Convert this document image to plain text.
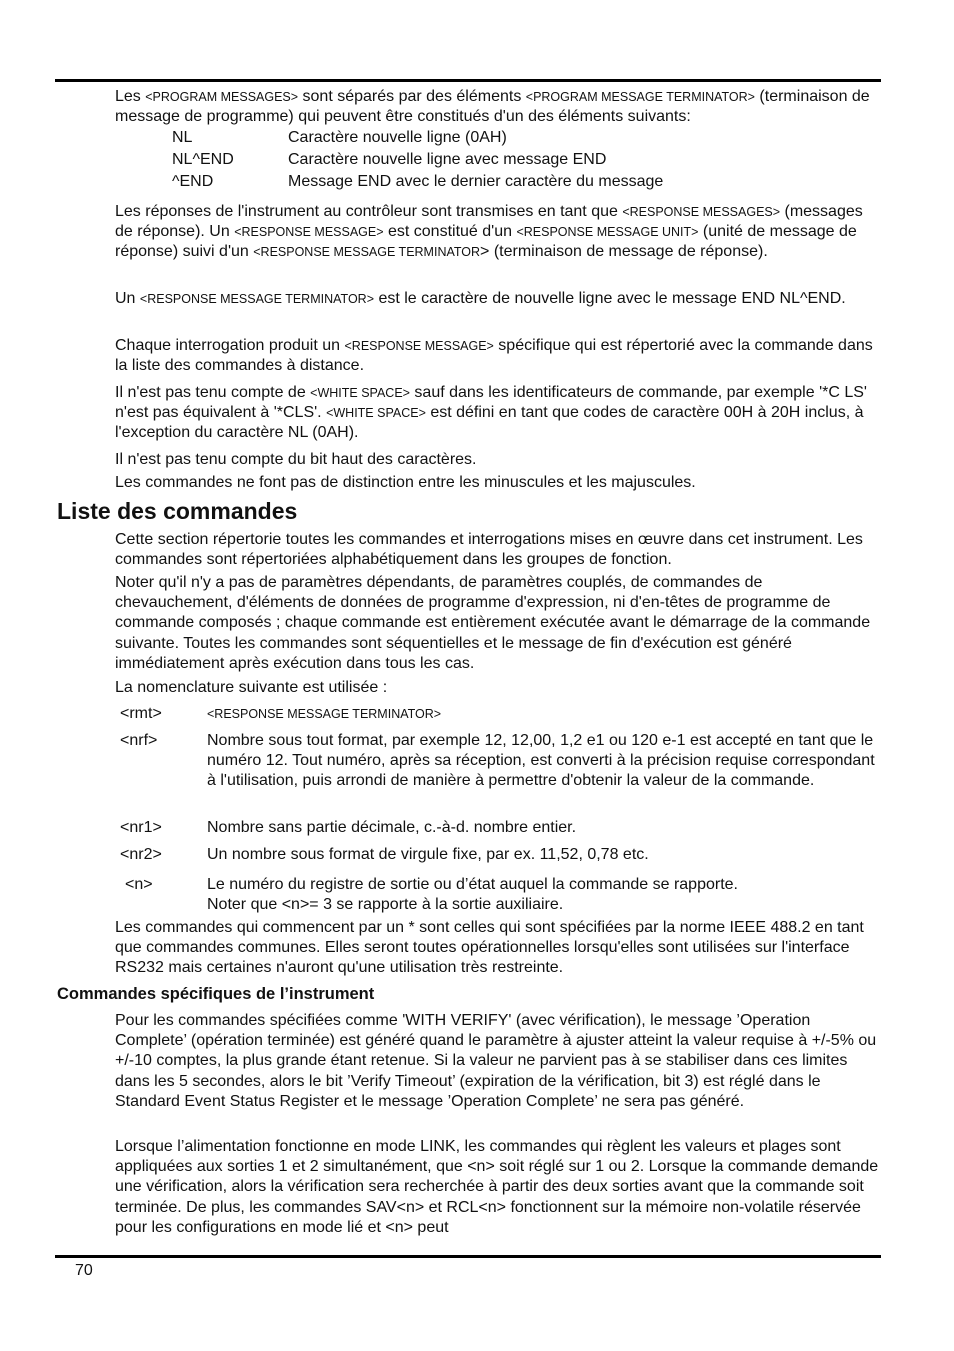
Les <PROGRAM MESSAGES> sont séparés par des éléments <PROGRAM MESSAGE TERMINATOR> (terminaison de message de programme) qui peuvent être constitués d'un des éléments suivants:

NL	Caractère nouvelle ligne (0AH)
NL^END	Caractère nouvelle ligne avec message END
^END	Message END avec le dernier caractère du message

Les réponses de l'instrument au contrôleur sont transmises en tant que <RESPONSE MESSAGES> (messages de réponse). Un <RESPONSE MESSAGE> est constitué d'un <RESPONSE MESSAGE UNIT> (unité de message de réponse) suivi d'un <RESPONSE MESSAGE TERMINATOR> (terminaison de message de réponse).

Un <RESPONSE MESSAGE TERMINATOR> est le caractère de nouvelle ligne avec le message END NL^END.

Chaque interrogation produit un <RESPONSE MESSAGE> spécifique qui est répertorié avec la commande dans la liste des commandes à distance.

Il n'est pas tenu compte de <WHITE SPACE> sauf dans les identificateurs de commande, par exemple '*C LS' n'est pas équivalent à '*CLS'. <WHITE SPACE> est défini en tant que codes de caractère 00H à 20H inclus, à l'exception du caractère NL (0AH).

Il n'est pas tenu compte du bit haut des caractères.

Les commandes ne font pas de distinction entre les minuscules et les majuscules.

Liste des commandes

Cette section répertorie toutes les commandes et interrogations mises en œuvre dans cet instrument. Les commandes sont répertoriées alphabétiquement dans les groupes de fonction.

Noter qu'il n'y a pas de paramètres dépendants, de paramètres couplés, de commandes de chevauchement, d'éléments de données de programme d'expression, ni d'en-têtes de programme de commande composés ; chaque commande est entièrement exécutée avant le démarrage de la commande suivante. Toutes les commandes sont séquentielles et le message de fin d'exécution est généré immédiatement après exécution dans tous les cas.

La nomenclature suivante est utilisée :

<rmt>	<RESPONSE MESSAGE TERMINATOR>
<nrf>	Nombre sous tout format, par exemple 12, 12,00, 1,2 e1 ou 120 e-1 est accepté en tant que le numéro 12. Tout numéro, après sa réception, est converti à la précision requise correspondant à l'utilisation, puis arrondi de manière à permettre d'obtenir la valeur de la commande.
<nr1>	Nombre sans partie décimale, c.-à-d. nombre entier.
<nr2>	Un nombre sous format de virgule fixe, par ex. 11,52, 0,78 etc.
<n>	Le numéro du registre de sortie ou d’état auquel la commande se rapporte.
Noter que <n>= 3 se rapporte à la sortie auxiliaire.

Les commandes qui commencent par un * sont celles qui sont spécifiées par la norme IEEE 488.2 en tant que commandes communes. Elles seront toutes opérationnelles lorsqu'elles sont utilisées sur l'interface RS232 mais certaines n'auront qu'une utilisation très restreinte.

Commandes spécifiques de l’instrument

Pour les commandes spécifiées comme 'WITH VERIFY' (avec vérification), le message ’Operation Complete’ (opération terminée) est généré quand le paramètre à ajuster atteint la valeur requise à +/-5% ou +/-10 comptes, la plus grande étant retenue. Si la valeur ne parvient pas à se stabiliser dans ces limites dans les 5 secondes, alors le bit ’Verify Timeout’ (expiration de la vérification, bit 3) est réglé dans le Standard Event Status Register et le message ’Operation Complete’ ne sera pas généré.

Lorsque l’alimentation fonctionne en mode LINK, les commandes qui règlent les valeurs et plages sont appliquées aux sorties 1 et 2 simultanément, que <n> soit réglé sur 1 ou 2. Lorsque la commande demande une vérification, alors la vérification sera recherchée à partir des deux sorties avant que la commande soit terminée. De plus, les commandes SAV<n> et RCL<n> fonctionnent sur la mémoire non-volatile réservée pour les configurations en mode lié et <n> peut

70
